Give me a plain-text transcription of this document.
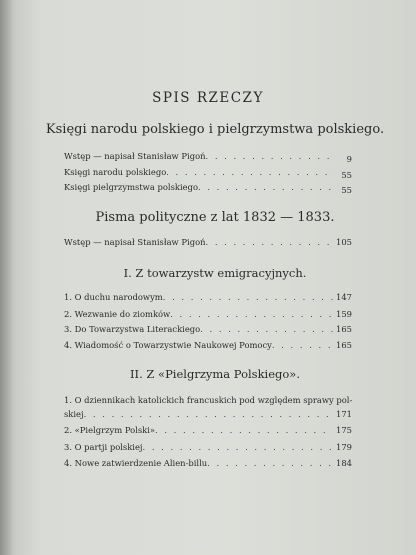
SPIS RZECZY
Księgi narodu polskiego i pielgrzymstwa polskiego.
Wstęp — napisał Stanisław Pigoń . . .	9
Księgi narodu polskiego . . .	55
Księgi pielgrzymstwa polskiego . . .	55
Pisma polityczne z lat 1832 — 1833.
Wstęp — napisał Stanisław Pigoń . . .	105
I. Z towarzystw emigracyjnych.
1. O duchu narodowym . . .	147
2. Wezwanie do ziomków . . .	159
3. Do Towarzystwa Literackiego . . .	165
4. Wiadomość o Towarzystwie Naukowej Pomocy . . .	165
II. Z «Pielgrzyma Polskiego».
1. O dziennikach katolickich francuskich pod względem sprawy pol-
skiej . . .	171
2. «Pielgrzym Polski» . . .	175
3. O partji polskiej . . .	179
4. Nowe zatwierdzenie Alien-billu . . .	184
